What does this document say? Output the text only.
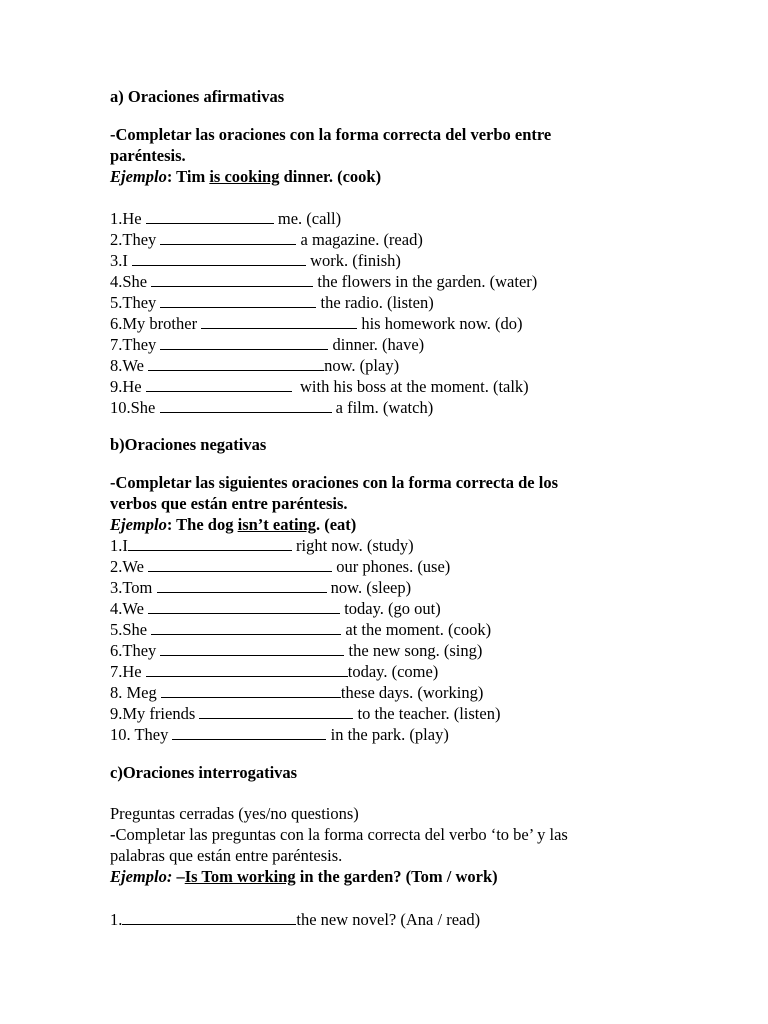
a) Oraciones afirmativas
-Completar las oraciones con la forma correcta del verbo entre
paréntesis.
Ejemplo: Tim is cooking dinner. (cook)
1.He	me. (call)
2.They	a magazine. (read)
3.I	work. (finish)
4.She	the flowers in the garden. (water)
5.They	the radio. (listen)
6.My brother	his homework now. (do)
7.They	dinner. (have)
8.We	now. (play)
9.He	with his boss at the moment. (talk)
10.She	a film. (watch)
b)Oraciones negativas
-Completar las siguientes oraciones con la forma correcta de los
verbos que están entre paréntesis.
Ejemplo: The dog isn’t eating. (eat)
1.I	right now. (study)
2.We	our phones. (use)
3.Tom	now. (sleep)
4.We	today. (go out)
5.She	at the moment. (cook)
6.They	the new song. (sing)
7.He	today. (come)
8. Meg	these days. (working)
9.My friends	to the teacher. (listen)
10. They	in the park. (play)
c)Oraciones interrogativas
Preguntas cerradas (yes/no questions)
-Completar las preguntas con la forma correcta del verbo ‘to be’ y las
palabras que están entre paréntesis.
Ejemplo: –Is Tom working in the garden? (Tom / work)
1.	the new novel? (Ana / read)
